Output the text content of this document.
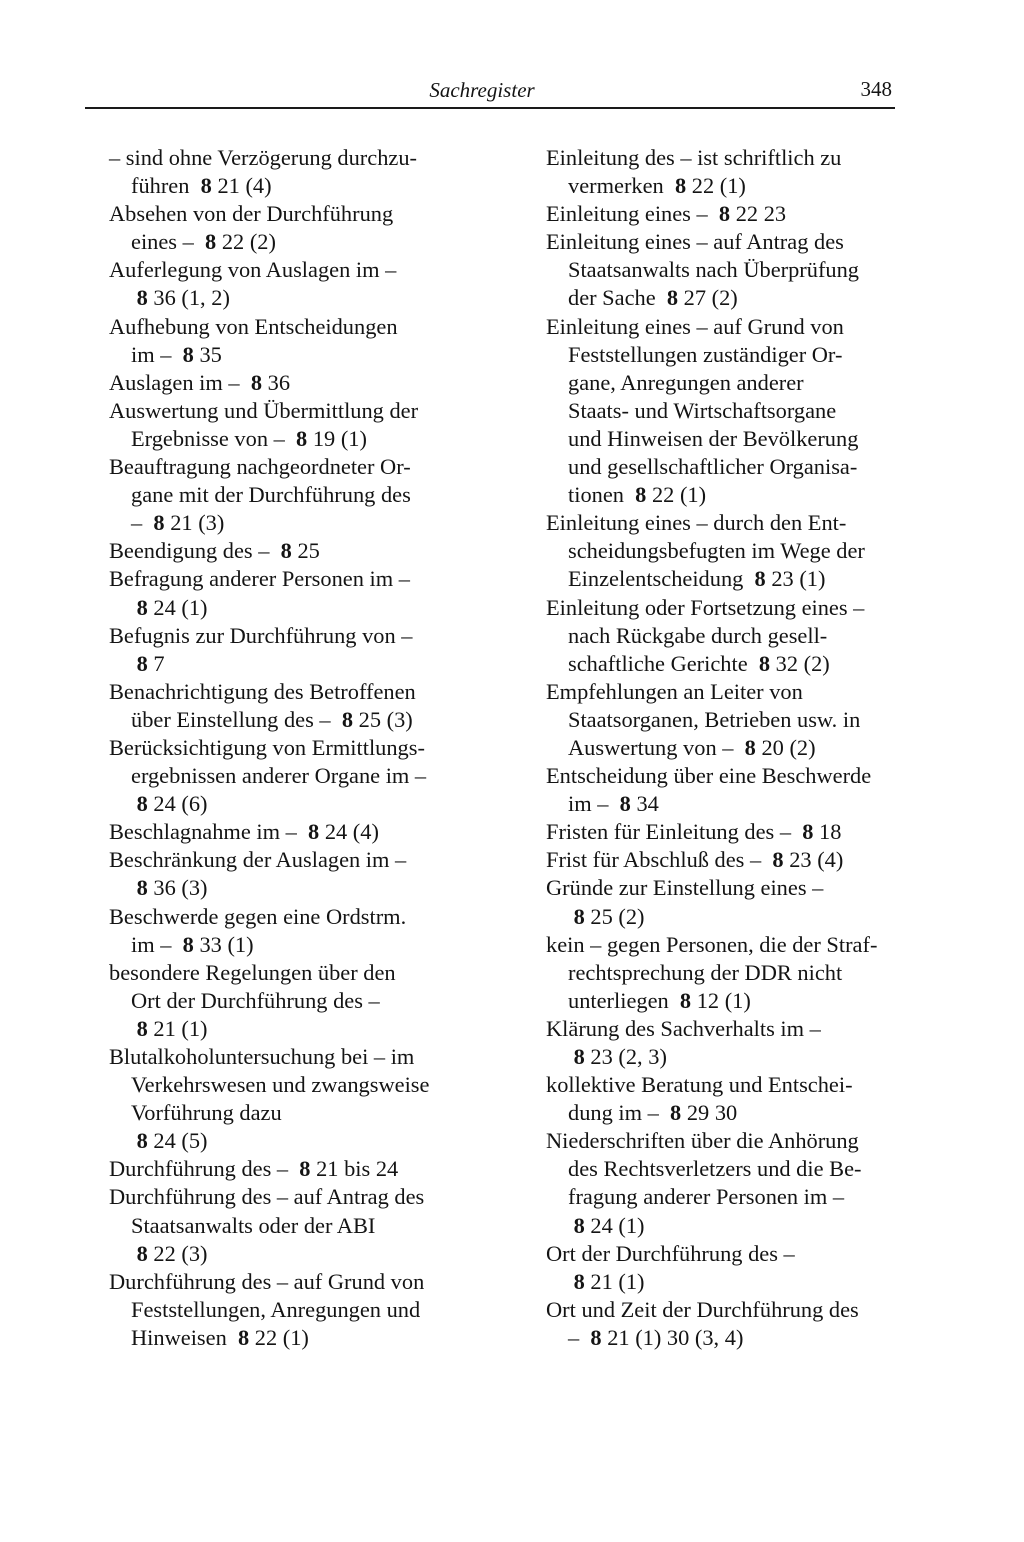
Sachregister	348
– sind ohne Verzögerung durchzu-
führen 8 21 (4)
Absehen von der Durchführung
eines – 8 22 (2)
Auferlegung von Auslagen im –
8 36 (1, 2)
Aufhebung von Entscheidungen
im – 8 35
Auslagen im – 8 36
Auswertung und Übermittlung der
Ergebnisse von – 8 19 (1)
Beauftragung nachgeordneter Or-
gane mit der Durchführung des
– 8 21 (3)
Beendigung des – 8 25
Befragung anderer Personen im –
8 24 (1)
Befugnis zur Durchführung von –
8 7
Benachrichtigung des Betroffenen
über Einstellung des – 8 25 (3)
Berücksichtigung von Ermittlungs-
ergebnissen anderer Organe im –
8 24 (6)
Beschlagnahme im – 8 24 (4)
Beschränkung der Auslagen im –
8 36 (3)
Beschwerde gegen eine Ordstrm.
im – 8 33 (1)
besondere Regelungen über den
Ort der Durchführung des –
8 21 (1)
Blutalkoholuntersuchung bei – im
Verkehrswesen und zwangsweise
Vorführung dazu
8 24 (5)
Durchführung des – 8 21 bis 24
Durchführung des – auf Antrag des
Staatsanwalts oder der ABI
8 22 (3)
Durchführung des – auf Grund von
Feststellungen, Anregungen und
Hinweisen 8 22 (1)
Einleitung des – ist schriftlich zu
vermerken 8 22 (1)
Einleitung eines – 8 22 23
Einleitung eines – auf Antrag des
Staatsanwalts nach Überprüfung
der Sache 8 27 (2)
Einleitung eines – auf Grund von
Feststellungen zuständiger Or-
gane, Anregungen anderer
Staats- und Wirtschaftsorgane
und Hinweisen der Bevölkerung
und gesellschaftlicher Organisa-
tionen 8 22 (1)
Einleitung eines – durch den Ent-
scheidungsbefugten im Wege der
Einzelentscheidung 8 23 (1)
Einleitung oder Fortsetzung eines –
nach Rückgabe durch gesell-
schaftliche Gerichte 8 32 (2)
Empfehlungen an Leiter von
Staatsorganen, Betrieben usw. in
Auswertung von – 8 20 (2)
Entscheidung über eine Beschwerde
im – 8 34
Fristen für Einleitung des – 8 18
Frist für Abschluß des – 8 23 (4)
Gründe zur Einstellung eines –
8 25 (2)
kein – gegen Personen, die der Straf-
rechtsprechung der DDR nicht
unterliegen 8 12 (1)
Klärung des Sachverhalts im –
8 23 (2, 3)
kollektive Beratung und Entschei-
dung im – 8 29 30
Niederschriften über die Anhörung
des Rechtsverletzers und die Be-
fragung anderer Personen im –
8 24 (1)
Ort der Durchführung des –
8 21 (1)
Ort und Zeit der Durchführung des
– 8 21 (1) 30 (3, 4)
